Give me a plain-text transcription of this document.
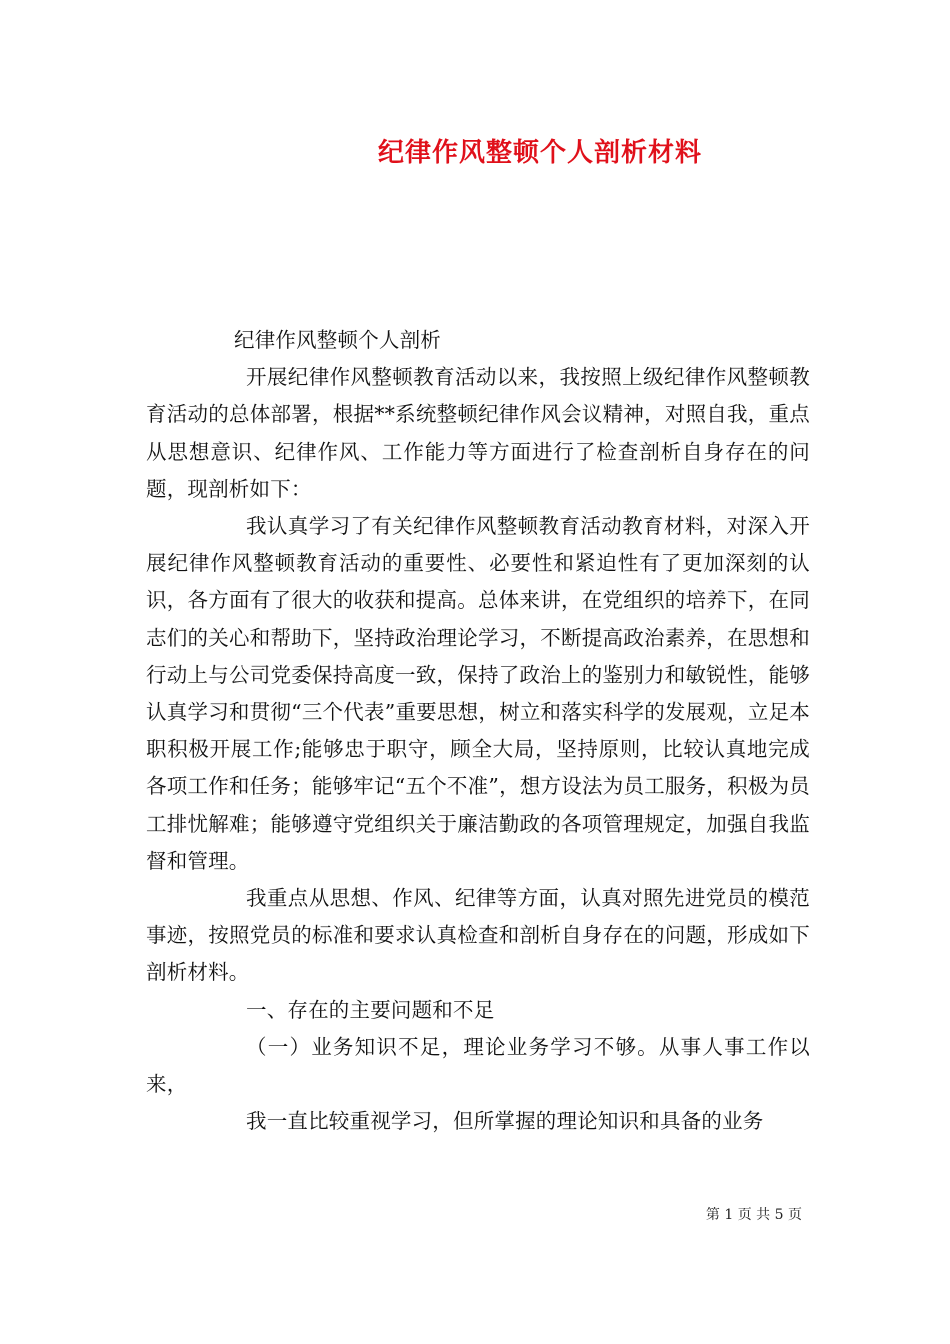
纪律作风整顿个人剖析材料

纪律作风整顿个人剖析

开展纪律作风整顿教育活动以来，我按照上级纪律作风整顿教育活动的总体部署，根据**系统整顿纪律作风会议精神，对照自我，重点从思想意识、纪律作风、工作能力等方面进行了检查剖析自身存在的问题，现剖析如下：

我认真学习了有关纪律作风整顿教育活动教育材料，对深入开展纪律作风整顿教育活动的重要性、必要性和紧迫性有了更加深刻的认识，各方面有了很大的收获和提高。总体来讲，在党组织的培养下，在同志们的关心和帮助下，坚持政治理论学习，不断提高政治素养，在思想和行动上与公司党委保持高度一致，保持了政治上的鉴别力和敏锐性，能够认真学习和贯彻“三个代表”重要思想，树立和落实科学的发展观，立足本职积极开展工作;能够忠于职守，顾全大局，坚持原则，比较认真地完成各项工作和任务；能够牢记“五个不准”，想方设法为员工服务，积极为员工排忧解难；能够遵守党组织关于廉洁勤政的各项管理规定，加强自我监督和管理。

我重点从思想、作风、纪律等方面，认真对照先进党员的模范事迹，按照党员的标准和要求认真检查和剖析自身存在的问题，形成如下剖析材料。

一、存在的主要问题和不足

（一）业务知识不足，理论业务学习不够。从事人事工作以来，

我一直比较重视学习，但所掌握的理论知识和具备的业务

第 1 页 共 5 页
